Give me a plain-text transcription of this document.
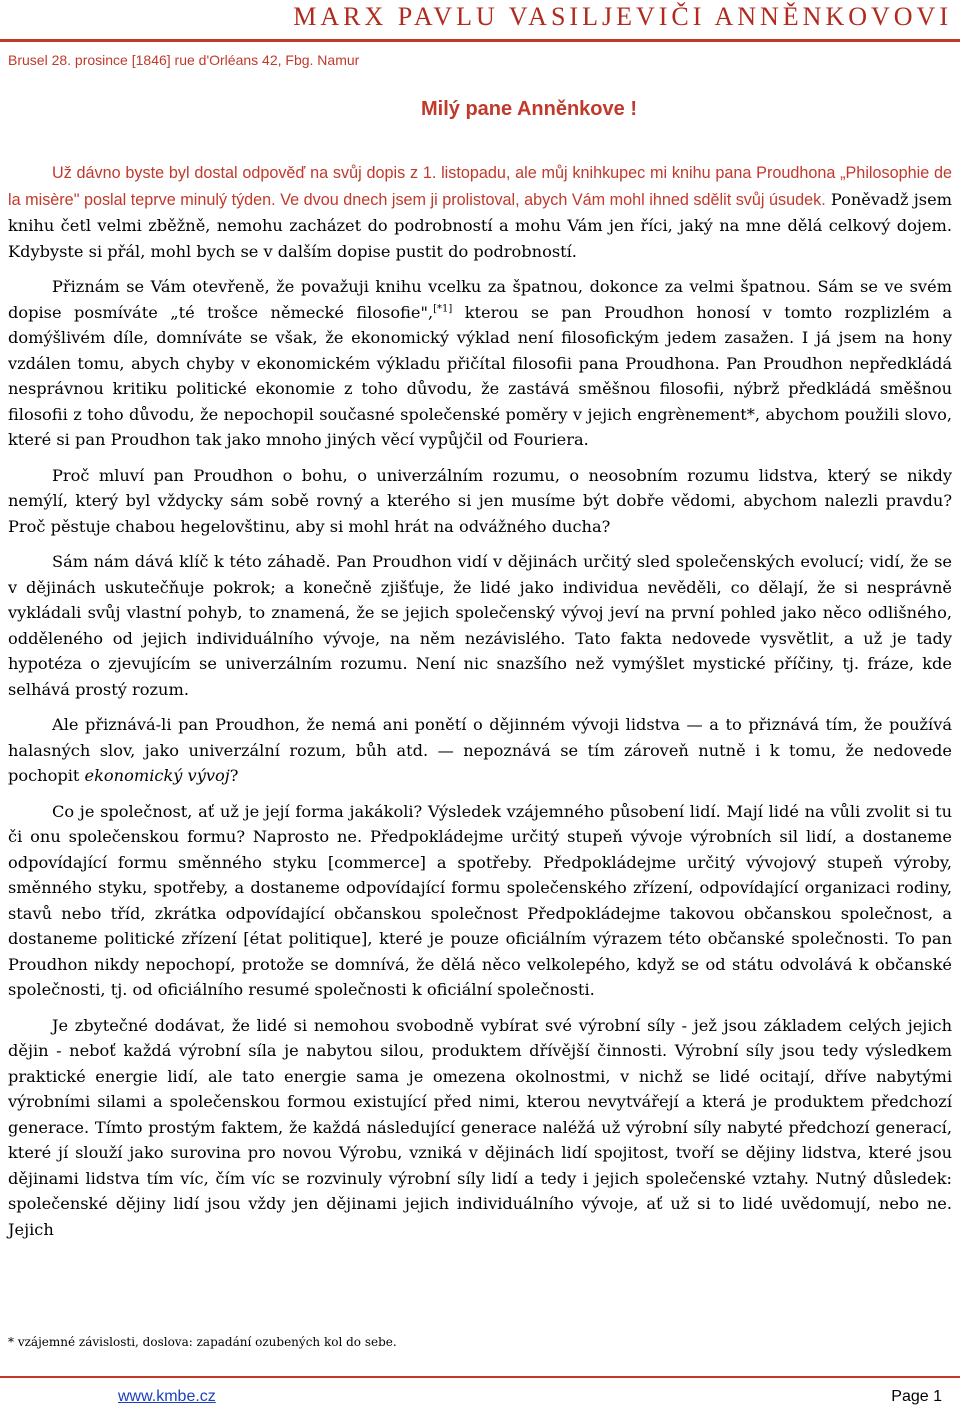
MARX PAVLU VASILJEVIČI ANNĚNKOVOVI
Brusel 28. prosince [1846] rue d'Orléans 42, Fbg. Namur
Milý pane Anněnkove !

Už dávno byste byl dostal odpověď na svůj dopis z 1. listopadu, ale můj knihkupec mi knihu pana Proudhona „Philosophie de la misère" poslal teprve minulý týden. Ve dvou dnech jsem ji prolistoval, abych Vám mohl ihned sdělit svůj úsudek. Poněvadž jsem knihu četl velmi zběžně, nemohu zacházet do podrobností a mohu Vám jen říci, jaký na mne dělá celkový dojem. Kdybyste si přál, mohl bych se v dalším dopise pustit do podrobností.

Přiznám se Vám otevřeně, že považuji knihu vcelku za špatnou, dokonce za velmi špatnou. Sám se ve svém dopise posmíváte „té trošce německé filosofie",[*1] kterou se pan Proudhon honosí v tomto rozplizlém a domýšlivém díle, domníváte se však, že ekonomický výklad není filosofickým jedem zasažen. I já jsem na hony vzdálen tomu, abych chyby v ekonomickém výkladu přičítal filosofii pana Proudhona. Pan Proudhon nepředkládá nesprávnou kritiku politické ekonomie z toho důvodu, že zastává směšnou filosofii, nýbrž předkládá směšnou filosofii z toho důvodu, že nepochopil současné společenské poměry v jejich engrènement*, abychom použili slovo, které si pan Proudhon tak jako mnoho jiných věcí vypůjčil od Fouriera.

Proč mluví pan Proudhon o bohu, o univerzálním rozumu, o neosobním rozumu lidstva, který se nikdy nemýlí, který byl vždycky sám sobě rovný a kterého si jen musíme být dobře vědomi, abychom nalezli pravdu? Proč pěstuje chabou hegelovštinu, aby si mohl hrát na odvážného ducha?

Sám nám dává klíč k této záhadě. Pan Proudhon vidí v dějinách určitý sled společenských evolucí; vidí, že se v dějinách uskutečňuje pokrok; a konečně zjišťuje, že lidé jako individua nevěděli, co dělají, že si nesprávně vykládali svůj vlastní pohyb, to znamená, že se jejich společenský vývoj jeví na první pohled jako něco odlišného, odděleného od jejich individuálního vývoje, na něm nezávislého. Tato fakta nedovede vysvětlit, a už je tady hypotéza o zjevujícím se univerzálním rozumu. Není nic snazšího než vymýšlet mystické příčiny, tj. fráze, kde selhává prostý rozum.

Ale přiznává-li pan Proudhon, že nemá ani ponětí o dějinném vývoji lidstva — a to přiznává tím, že používá halasných slov, jako univerzální rozum, bůh atd. — nepoznává se tím zároveň nutně i k tomu, že nedovede pochopit ekonomický vývoj?

Co je společnost, ať už je její forma jakákoli? Výsledek vzájemného působení lidí. Mají lidé na vůli zvolit si tu či onu společenskou formu? Naprosto ne. Předpokládejme určitý stupeň vývoje výrobních sil lidí, a dostaneme odpovídající formu směnného styku [commerce] a spotřeby. Předpokládejme určitý vývojový stupeň výroby, směnného styku, spotřeby, a dostaneme odpovídající formu společenského zřízení, odpovídající organizaci rodiny, stavů nebo tříd, zkrátka odpovídající občanskou společnost Předpokládejme takovou občanskou společnost, a dostaneme politické zřízení [état politique], které je pouze oficiálním výrazem této občanské společnosti. To pan Proudhon nikdy nepochopí, protože se domnívá, že dělá něco velkolepého, když se od státu odvolává k občanské společnosti, tj. od oficiálního resumé společnosti k oficiální společnosti.

Je zbytečné dodávat, že lidé si nemohou svobodně vybírat své výrobní síly - jež jsou základem celých jejich dějin - neboť každá výrobní síla je nabytou silou, produktem dřívější činnosti. Výrobní síly jsou tedy výsledkem praktické energie lidí, ale tato energie sama je omezena okolnostmi, v nichž se lidé ocitají, dříve nabytými výrobními silami a společenskou formou existující před nimi, kterou nevytvářejí a která je produktem předchozí generace. Tímto prostým faktem, že každá následující generace naléžá už výrobní síly nabyté předchozí generací, které jí slouží jako surovina pro novou Výrobu, vzniká v dějinách lidí spojitost, tvoří se dějiny lidstva, které jsou dějinami lidstva tím víc, čím víc se rozvinuly výrobní síly lidí a tedy i jejich společenské vztahy. Nutný důsledek: společenské dějiny lidí jsou vždy jen dějinami jejich individuálního vývoje, ať už si to lidé uvědomují, nebo ne. Jejich

* vzájemné závislosti, doslova: zapadání ozubených kol do sebe.
www.kmbe.cz	Page 1
